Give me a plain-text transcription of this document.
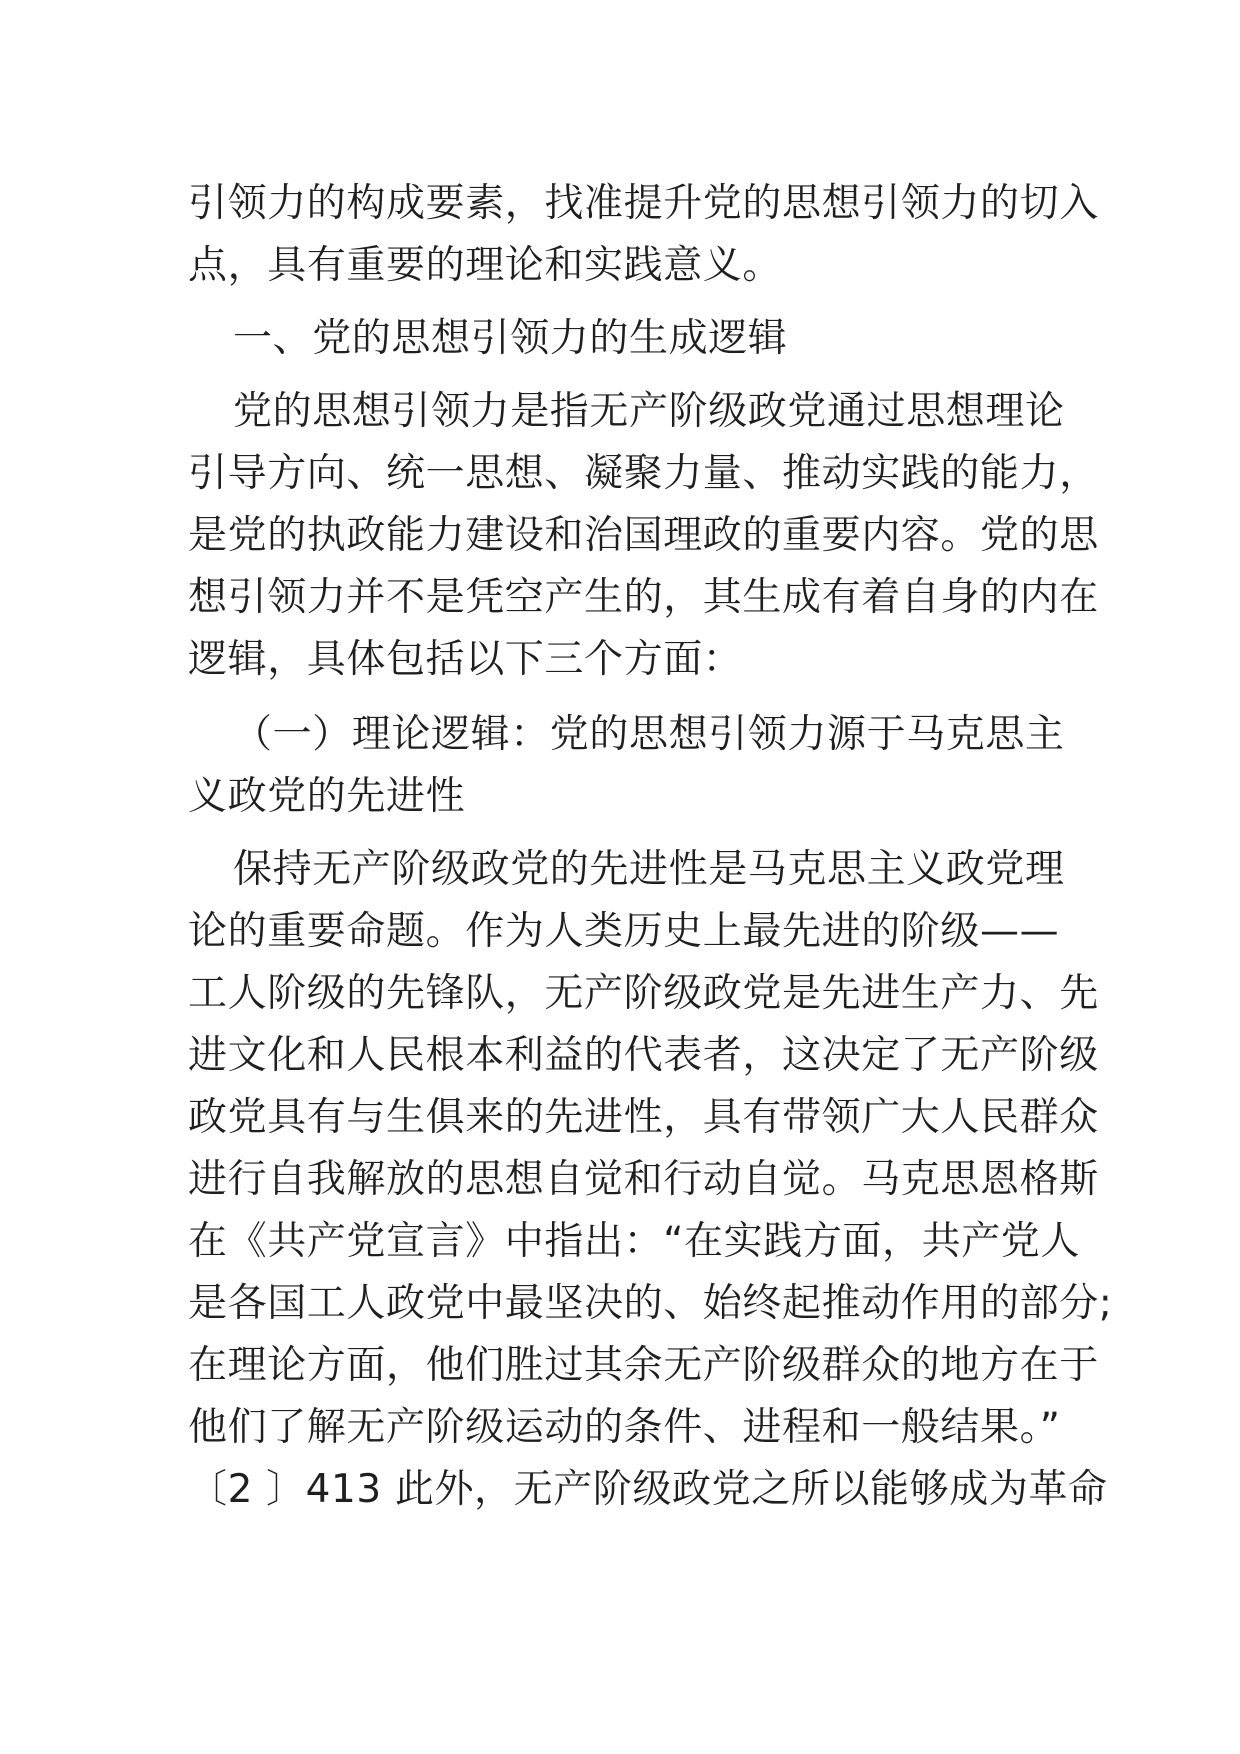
引领力的构成要素，找准提升党的思想引领力的切入
点，具有重要的理论和实践意义。
一、党的思想引领力的生成逻辑
党的思想引领力是指无产阶级政党通过思想理论
引导方向、统一思想、凝聚力量、推动实践的能力，
是党的执政能力建设和治国理政的重要内容。党的思
想引领力并不是凭空产生的，其生成有着自身的内在
逻辑，具体包括以下三个方面：
（一）理论逻辑：党的思想引领力源于马克思主
义政党的先进性
保持无产阶级政党的先进性是马克思主义政党理
论的重要命题。作为人类历史上最先进的阶级——
工人阶级的先锋队，无产阶级政党是先进生产力、先
进文化和人民根本利益的代表者，这决定了无产阶级
政党具有与生俱来的先进性，具有带领广大人民群众
进行自我解放的思想自觉和行动自觉。马克思恩格斯
在《共产党宣言》中指出：“在实践方面，共产党人
是各国工人政党中最坚决的、始终起推动作用的部分;
在理论方面，他们胜过其余无产阶级群众的地方在于
他们了解无产阶级运动的条件、进程和一般结果。”
〔2 〕413 此外，无产阶级政党之所以能够成为革命
